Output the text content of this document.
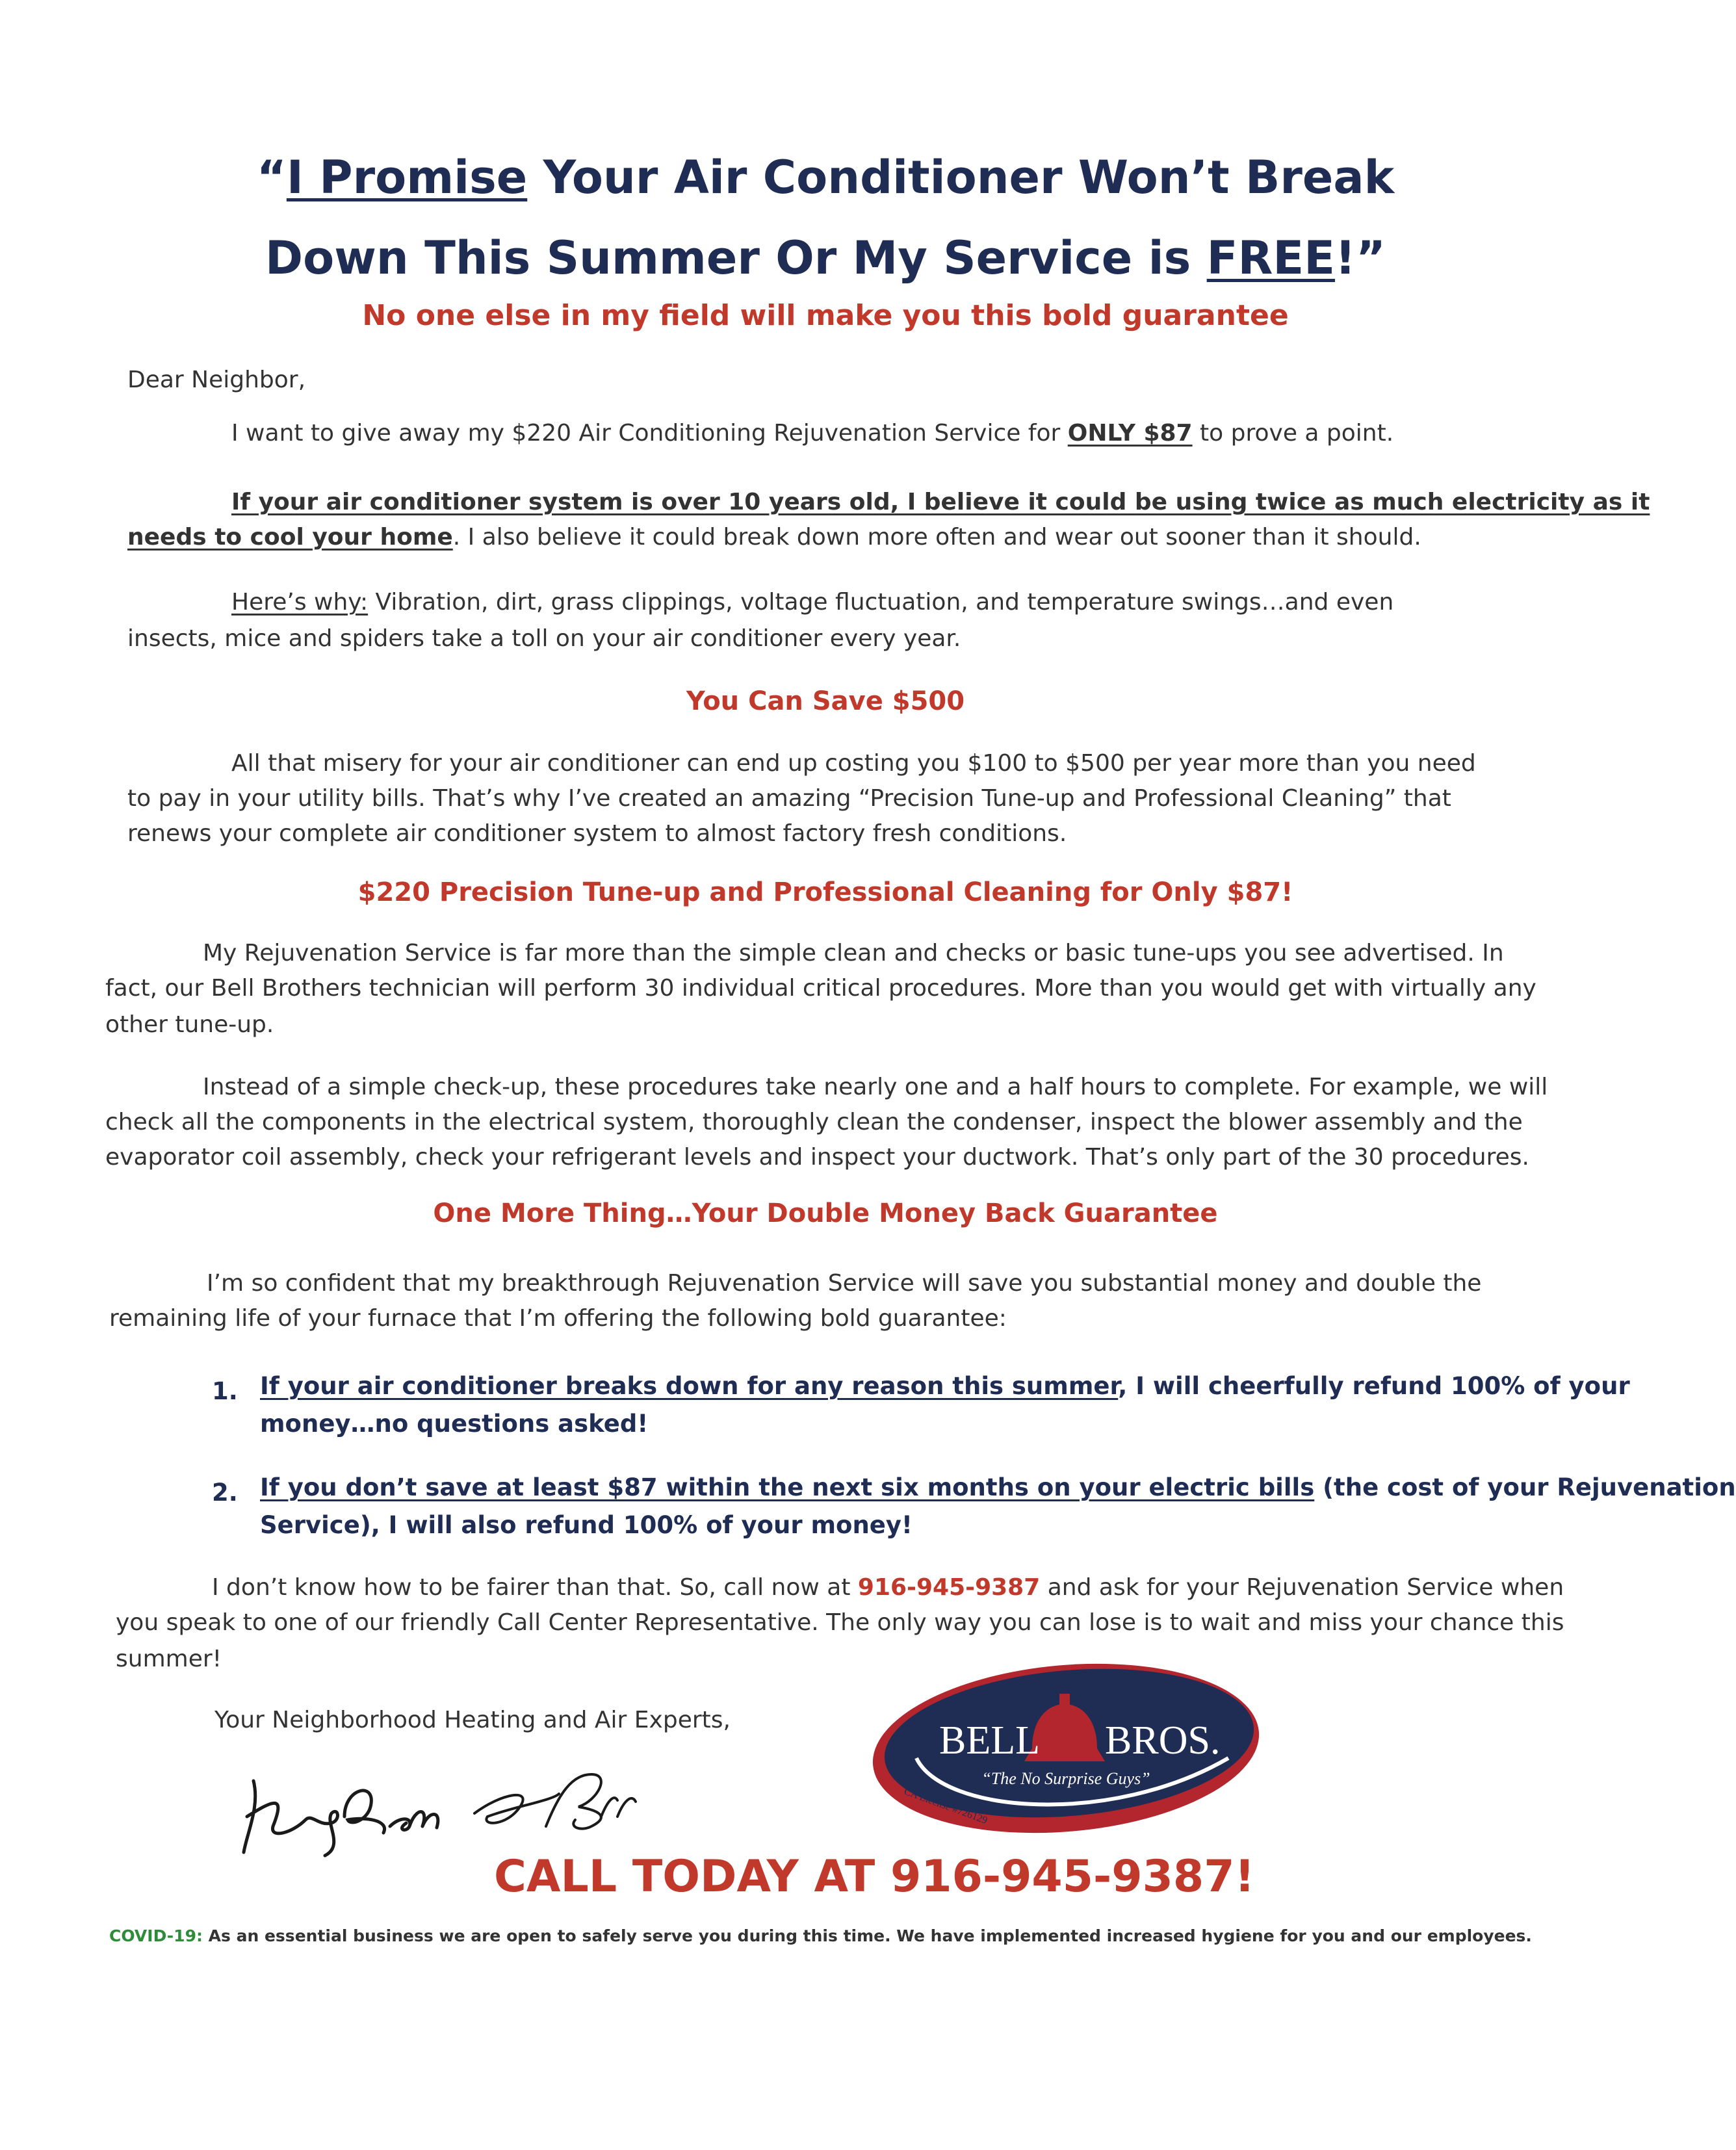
“I Promise Your Air Conditioner Won’t Break
Down This Summer Or My Service is FREE!”
No one else in my field will make you this bold guarantee
Dear Neighbor,
I want to give away my $220 Air Conditioning Rejuvenation Service for ONLY $87 to prove a point.
If your air conditioner system is over 10 years old, I believe it could be using twice as much electricity as it
needs to cool your home. I also believe it could break down more often and wear out sooner than it should.
Here’s why: Vibration, dirt, grass clippings, voltage fluctuation, and temperature swings…and even
insects, mice and spiders take a toll on your air conditioner every year.
You Can Save $500
All that misery for your air conditioner can end up costing you $100 to $500 per year more than you need
to pay in your utility bills. That’s why I’ve created an amazing “Precision Tune-up and Professional Cleaning” that
renews your complete air conditioner system to almost factory fresh conditions.
$220 Precision Tune-up and Professional Cleaning for Only $87!
My Rejuvenation Service is far more than the simple clean and checks or basic tune-ups you see advertised. In
fact, our Bell Brothers technician will perform 30 individual critical procedures. More than you would get with virtually any
other tune-up.
Instead of a simple check-up, these procedures take nearly one and a half hours to complete. For example, we will
check all the components in the electrical system, thoroughly clean the condenser, inspect the blower assembly and the
evaporator coil assembly, check your refrigerant levels and inspect your ductwork. That’s only part of the 30 procedures.
One More Thing…Your Double Money Back Guarantee
I’m so confident that my breakthrough Rejuvenation Service will save you substantial money and double the
remaining life of your furnace that I’m offering the following bold guarantee:
1. If your air conditioner breaks down for any reason this summer, I will cheerfully refund 100% of your
money…no questions asked!
2. If you don’t save at least $87 within the next six months on your electric bills (the cost of your Rejuvenation
Service), I will also refund 100% of your money!
I don’t know how to be fairer than that. So, call now at 916-945-9387 and ask for your Rejuvenation Service when
you speak to one of our friendly Call Center Representative. The only way you can lose is to wait and miss your chance this
summer!
Your Neighborhood Heating and Air Experts,	BELL BROS.
“The No Surprise Guys”
CA License #726129
CALL TODAY AT 916-945-9387!
COVID-19: As an essential business we are open to safely serve you during this time. We have implemented increased hygiene for you and our employees.
